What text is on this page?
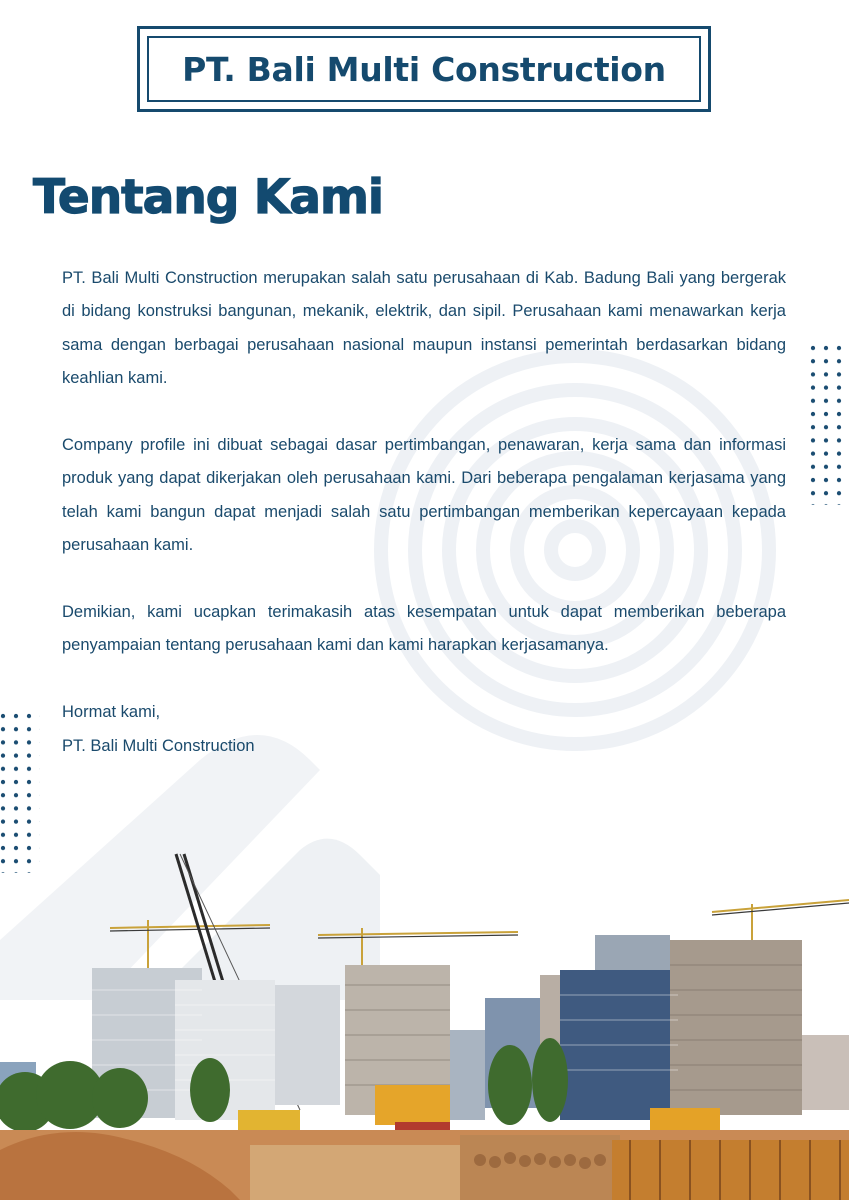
PT. Bali Multi Construction
Tentang Kami

PT. Bali Multi Construction merupakan salah satu perusahaan di Kab. Badung Bali yang bergerak di bidang konstruksi bangunan, mekanik, elektrik, dan sipil. Perusahaan kami menawarkan kerja sama dengan berbagai perusahaan nasional maupun instansi pemerintah berdasarkan bidang keahlian kami.

Company profile ini dibuat sebagai dasar pertimbangan, penawaran, kerja sama dan informasi produk yang dapat dikerjakan oleh perusahaan kami. Dari beberapa pengalaman kerjasama yang telah kami bangun dapat menjadi salah satu pertimbangan memberikan kepercayaan kepada perusahaan kami.

Demikian, kami ucapkan terimakasih atas kesempatan untuk dapat memberikan beberapa penyampaian tentang perusahaan kami dan kami harapkan kerjasamanya.

Hormat kami,

PT. Bali Multi Construction
